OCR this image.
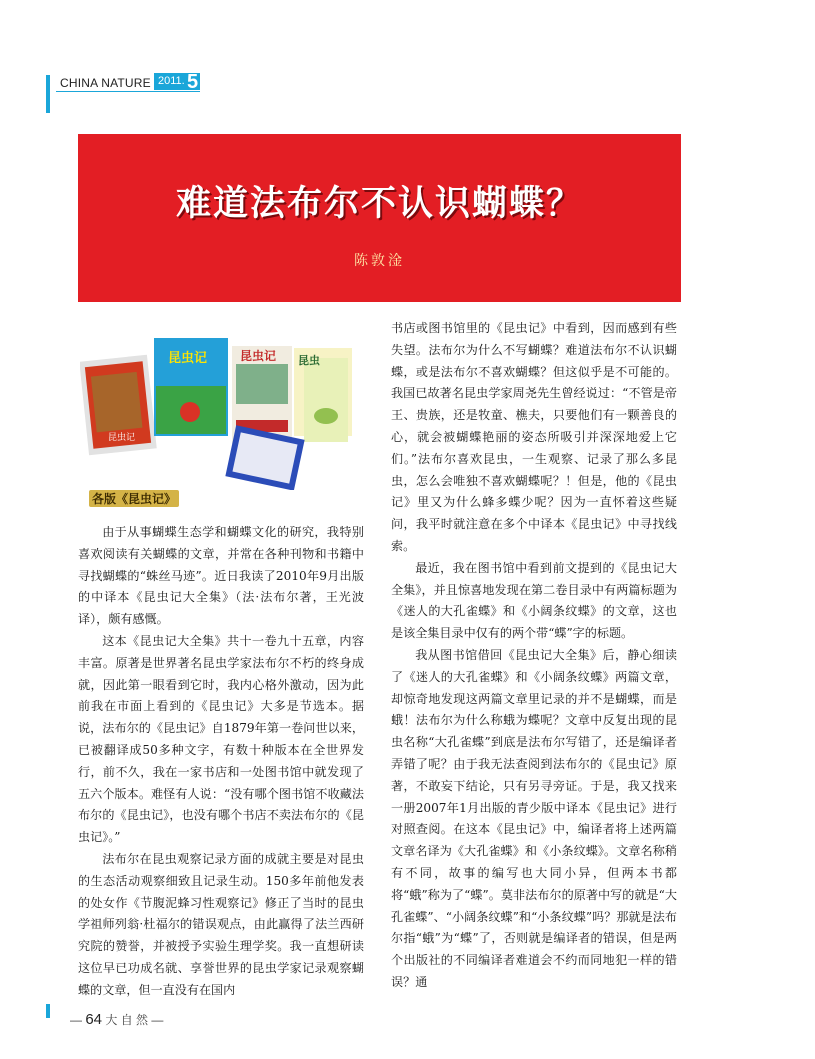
CHINA NATURE 2011. 5
难道法布尔不认识蝴蝶？
陈敦淦
昆虫记
昆虫记	昆虫记 昆虫
各版《昆虫记》

由于从事蝴蝶生态学和蝴蝶文化的研究，我特别喜欢阅读有关蝴蝶的文章，并常在各种刊物和书籍中寻找蝴蝶的“蛛丝马迹”。近日我读了2010年9月出版的中译本《昆虫记大全集》（法·法布尔著，王光波译），颇有感慨。

这本《昆虫记大全集》共十一卷九十五章，内容丰富。原著是世界著名昆虫学家法布尔不朽的终身成就，因此第一眼看到它时，我内心格外激动，因为此前我在市面上看到的《昆虫记》大多是节选本。据说，法布尔的《昆虫记》自1879年第一卷问世以来，已被翻译成50多种文字，有数十种版本在全世界发行，前不久，我在一家书店和一处图书馆中就发现了五六个版本。难怪有人说：“没有哪个图书馆不收藏法布尔的《昆虫记》，也没有哪个书店不卖法布尔的《昆虫记》。”

法布尔在昆虫观察记录方面的成就主要是对昆虫的生态活动观察细致且记录生动。150多年前他发表的处女作《节腹泥蜂习性观察记》修正了当时的昆虫学祖师列翁·杜福尔的错误观点，由此赢得了法兰西研究院的赞誉，并被授予实验生理学奖。我一直想研读这位早已功成名就、享誉世界的昆虫学家记录观察蝴蝶的文章，但一直没有在国内

书店或图书馆里的《昆虫记》中看到，因而感到有些失望。法布尔为什么不写蝴蝶？难道法布尔不认识蝴蝶，或是法布尔不喜欢蝴蝶？但这似乎是不可能的。我国已故著名昆虫学家周尧先生曾经说过：“不管是帝王、贵族，还是牧童、樵夫，只要他们有一颗善良的心，就会被蝴蝶艳丽的姿态所吸引并深深地爱上它们。”法布尔喜欢昆虫，一生观察、记录了那么多昆虫，怎么会唯独不喜欢蝴蝶呢？！但是，他的《昆虫记》里又为什么蜂多蝶少呢？因为一直怀着这些疑问，我平时就注意在多个中译本《昆虫记》中寻找线索。

最近，我在图书馆中看到前文提到的《昆虫记大全集》，并且惊喜地发现在第二卷目录中有两篇标题为《迷人的大孔雀蝶》和《小阔条纹蝶》的文章，这也是该全集目录中仅有的两个带“蝶”字的标题。

我从图书馆借回《昆虫记大全集》后，静心细读了《迷人的大孔雀蝶》和《小阔条纹蝶》两篇文章，却惊奇地发现这两篇文章里记录的并不是蝴蝶，而是蛾！法布尔为什么称蛾为蝶呢？文章中反复出现的昆虫名称“大孔雀蝶”到底是法布尔写错了，还是编译者弄错了呢？由于我无法查阅到法布尔的《昆虫记》原著，不敢妄下结论，只有另寻旁证。于是，我又找来一册2007年1月出版的青少版中译本《昆虫记》进行对照查阅。在这本《昆虫记》中，编译者将上述两篇文章名译为《大孔雀蝶》和《小条纹蝶》。文章名称稍有不同，故事的编写也大同小异，但两本书都将“蛾”称为了“蝶”。莫非法布尔的原著中写的就是“大孔雀蝶”、“小阔条纹蝶”和“小条纹蝶”吗？那就是法布尔指“蛾”为“蝶”了，否则就是编译者的错误，但是两个出版社的不同编译者难道会不约而同地犯一样的错误？通

— 64 大 自 然 —
